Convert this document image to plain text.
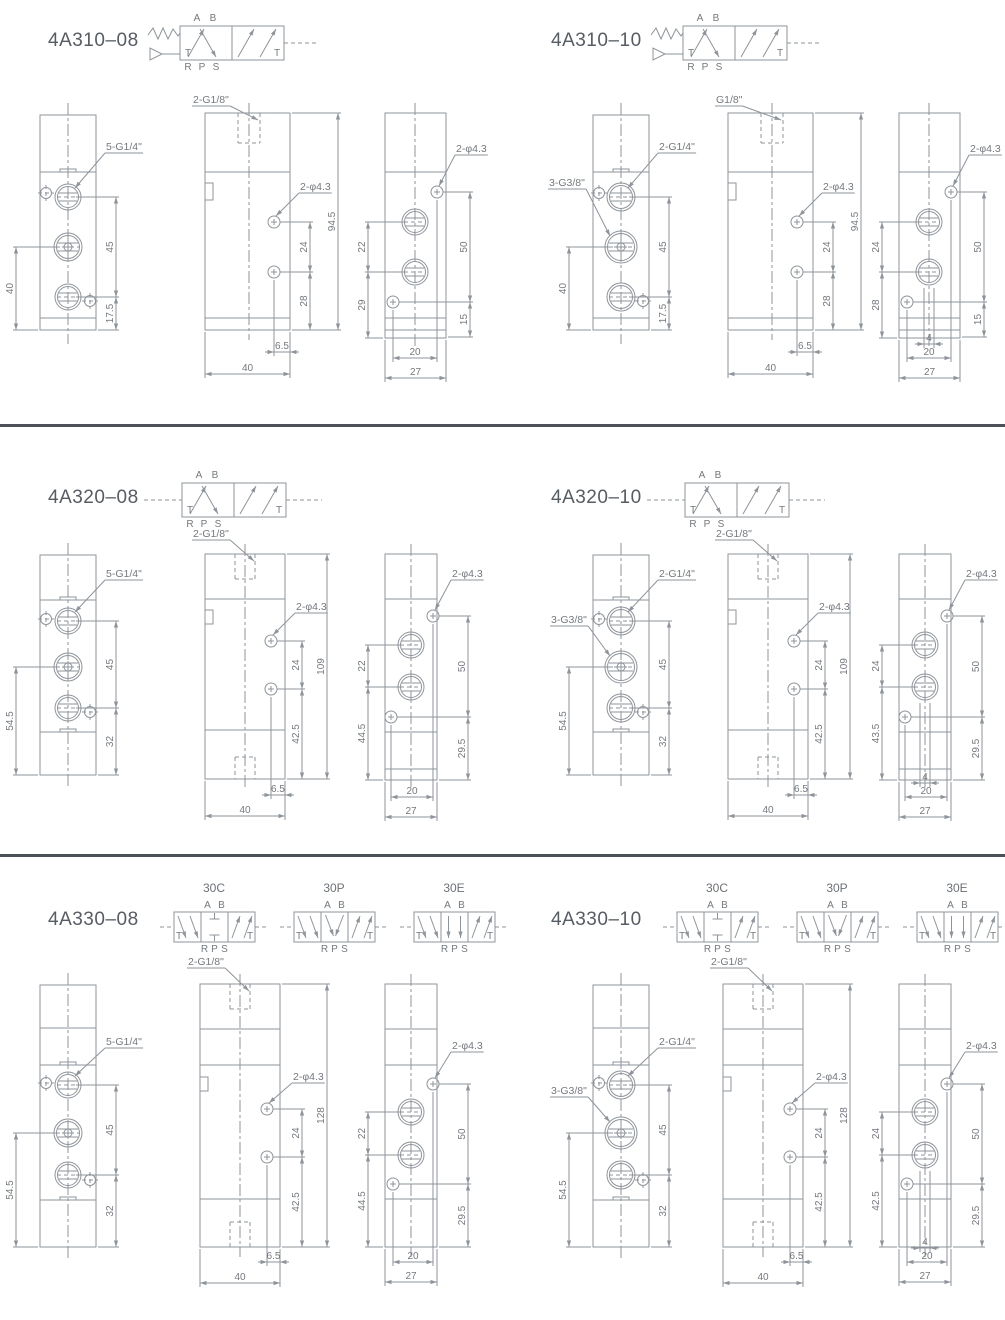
4A310–08
A B
R P S
T	T
5-G1/4"
40
45
17.5
2-G1/8"
2-φ4.3
24
28
94.5
6.5
40
2-φ4.3
22
29
50
15
20
27
4A310–10
A B
R P S
T	T
2-G1/4"
3-G3/8"
40
45
17.5
G1/8"
2-φ4.3
24
28
94.5
6.5
40
2-φ4.3
24
28
50
15
4
20
27
4A320–08
A B
R P S
T	T
5-G1/4"
54.5
45
32
2-G1/8"
2-φ4.3
24
42.5
109
6.5
40
2-φ4.3
22
44.5
50
29.5
20
27
4A320–10
A B
R P S
T	T
2-G1/4"
3-G3/8"
54.5
45
32
2-G1/8"
2-φ4.3
24
42.5
109
6.5
40
2-φ4.3
24
43.5
50
29.5
4
20
27
4A330–08
30C
A B
R P S
T	T
30P
A B
R P S
T	T
30E
A B
R P S
T	T
5-G1/4"
54.5
45
32
2-G1/8"
2-φ4.3
24
42.5
128
6.5
40
2-φ4.3
22
44.5
50
29.5
20
27
4A330–10
30C
A B
R P S
T	T
30P
A B
R P S
T	T
30E
A B
R P S
T	T
2-G1/4"
3-G3/8"
54.5
45
32
2-G1/8"
2-φ4.3
24
42.5
128
6.5
40
2-φ4.3
24
42.5
50
29.5
4
20
27
